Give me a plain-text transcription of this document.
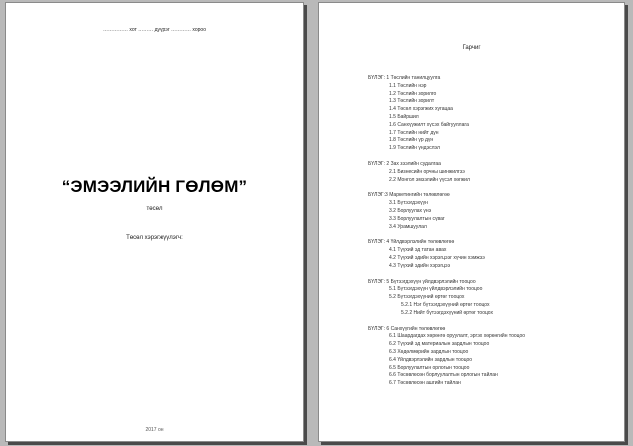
…………… хот ……… дүүрэг ………… хороо
“ЭМЭЭЛИЙН ГӨЛӨМ”
төсөл
Төсөл хэрэгжүүлэгч:
2017 он
Гарчиг
БҮЛЭГ: 1 Төслийн танилцуулга
1.1 Төслийн нэр
1.2 Төслийн зорилго
1.3 Төслийн зорилт
1.4 Төсөл хэрэгжих хугацаа
1.5 Байршил
1.6 Санхүүжилт хүсэх байгууллага
1.7 Төслийн нийт дүн
1.8 Төслийн үр дүн
1.9 Төслийн үндэслэл
БҮЛЭГ: 2 Зах зээлийн судалгаа
2.1 Бизнесийн орчны шинжилгээ
2.2 Монгол эмээлийн үүсэл хөгжил
БҮЛЭГ:3 Маркетингийн төлөвлөгөө
3.1 Бүтээгдэхүүн
3.2 Борлуулах үнэ
3.3 Борлуулалтын сүваг
3.4 Урамшуулал
БҮЛЭГ: 4 Үйлдвэрлэлийн төлөвлөгөө
4.1 Түүхий эд татан авах
4.2 Түүхий эдийн хэрэгцээг хүчин хэмжээ
4.3 Түүхий эдийн хэрэгцээ
БҮЛЭГ: 5 Бүтээгдэхүүн үйлдвэрлэлийн тооцоо
5.1 Бүтээгдэхүүн үйлдвэрлэлийн тооцоо
5.2 Бүтээгдэхүүний өртөг тооцох
5.2.1 Нэг бүтээгдэхүүний өртөг тооцох
5.2.2 Нийт бүтээгдэхүүний өртөг тооцох
БҮЛЭГ: 6 Санхүүгийн төлөвлөгөө
6.1 Шаардагдах хөрөнгө оруулалт, эргэх хөрөнгийн тооцоо
6.2 Түүхий эд материалын зардлын тооцоо
6.3 Хөдөлмөрийн зардлын тооцоо
6.4 Үйлдвэрлэлийн зардлын тооцоо
6.5 Борлуулалтын орлогын тооцоо
6.6 Төсөвлөсөн борлуулалтын орлогын тайлан
6.7 Төсөвлөсөн ашгийн тайлан
